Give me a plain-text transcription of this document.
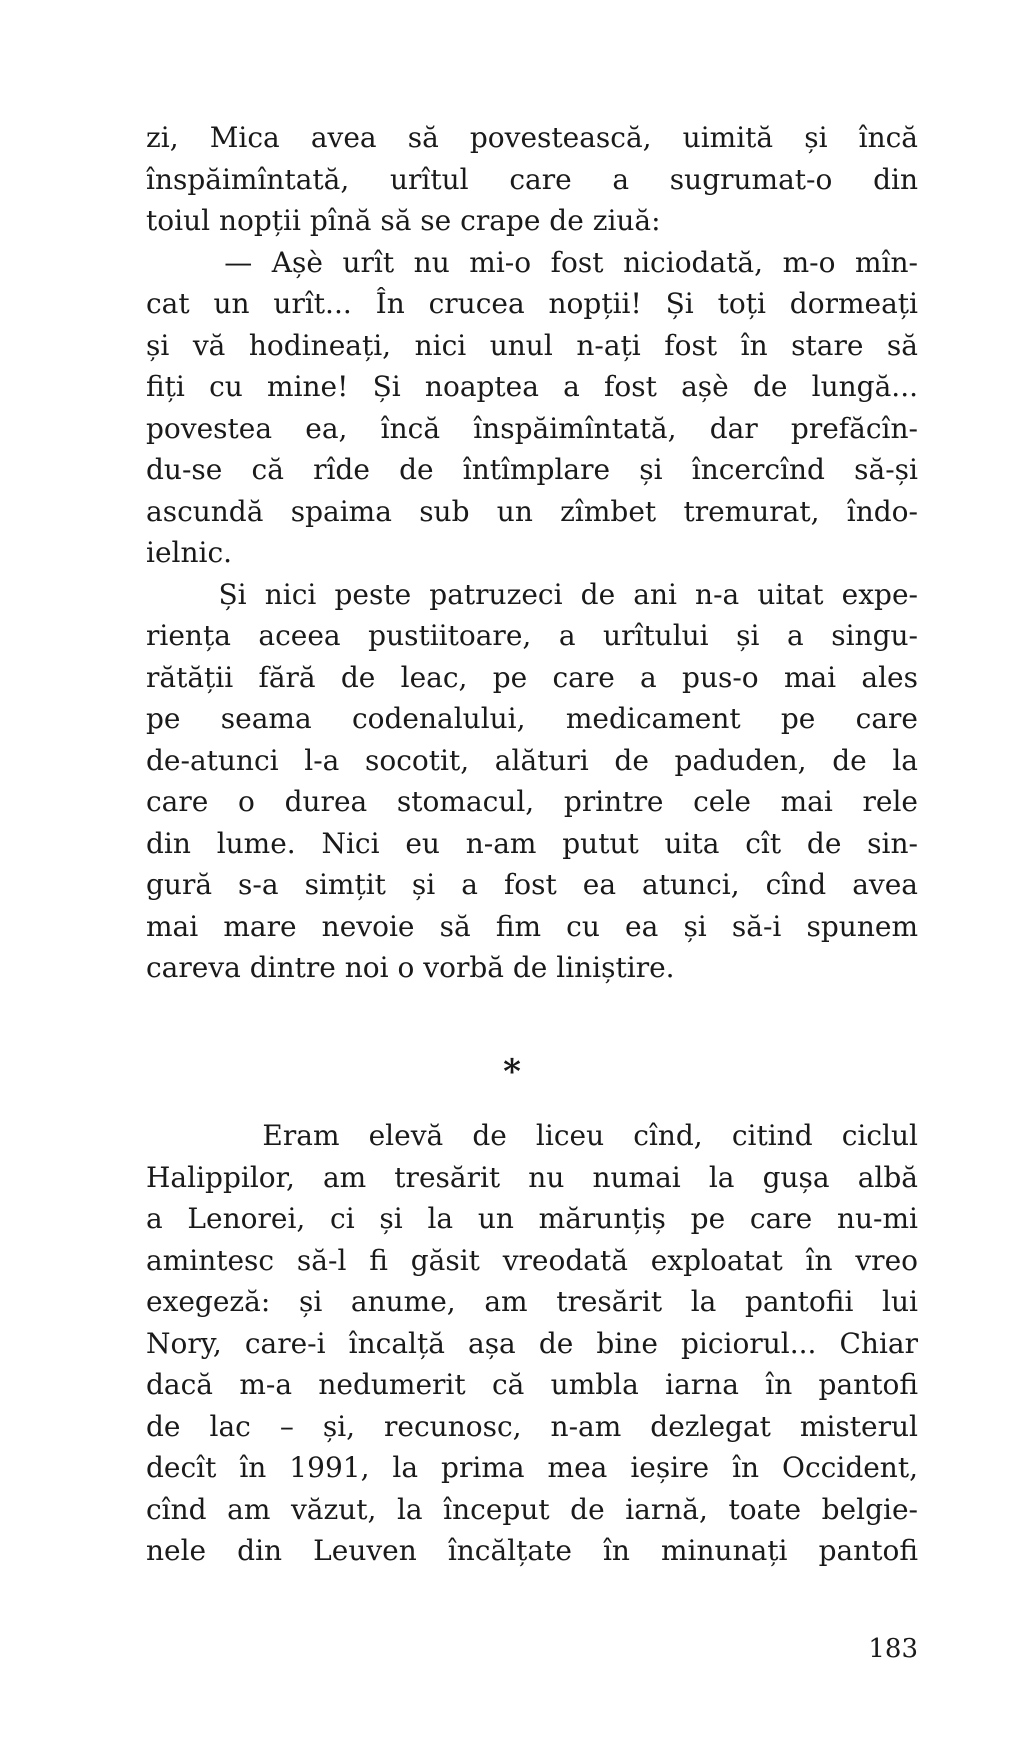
zi, Mica avea să povestească, uimită și încă
înspăimîntată, urîtul care a sugrumat-o din
toiul nopții pînă să se crape de ziuă:
— Așè urît nu mi-o fost niciodată, m-o mîn-
cat un urît... În crucea nopții! Și toți dormeați
și vă hodineați, nici unul n-ați fost în stare să
fiți cu mine! Și noaptea a fost așè de lungă...
povestea ea, încă înspăimîntată, dar prefăcîn-
du-se că rîde de întîmplare și încercînd să-și
ascundă spaima sub un zîmbet tremurat, îndo-
ielnic.
Și nici peste patruzeci de ani n-a uitat expe-
riența aceea pustiitoare, a urîtului și a singu-
rătății fără de leac, pe care a pus-o mai ales
pe seama codenalului, medicament pe care
de-atunci l-a socotit, alături de paduden, de la
care o durea stomacul, printre cele mai rele
din lume. Nici eu n-am putut uita cît de sin-
gură s-a simțit și a fost ea atunci, cînd avea
mai mare nevoie să fim cu ea și să-i spunem
careva dintre noi o vorbă de liniștire.
*
Eram elevă de liceu cînd, citind ciclul
Halippilor, am tresărit nu numai la gușa albă
a Lenorei, ci și la un mărunțiș pe care nu-mi
amintesc să-l fi găsit vreodată exploatat în vreo
exegeză: și anume, am tresărit la pantofii lui
Nory, care-i încalță așa de bine piciorul... Chiar
dacă m-a nedumerit că umbla iarna în pantofi
de lac – și, recunosc, n-am dezlegat misterul
decît în 1991, la prima mea ieșire în Occident,
cînd am văzut, la început de iarnă, toate belgie-
nele din Leuven încălțate în minunați pantofi
183
